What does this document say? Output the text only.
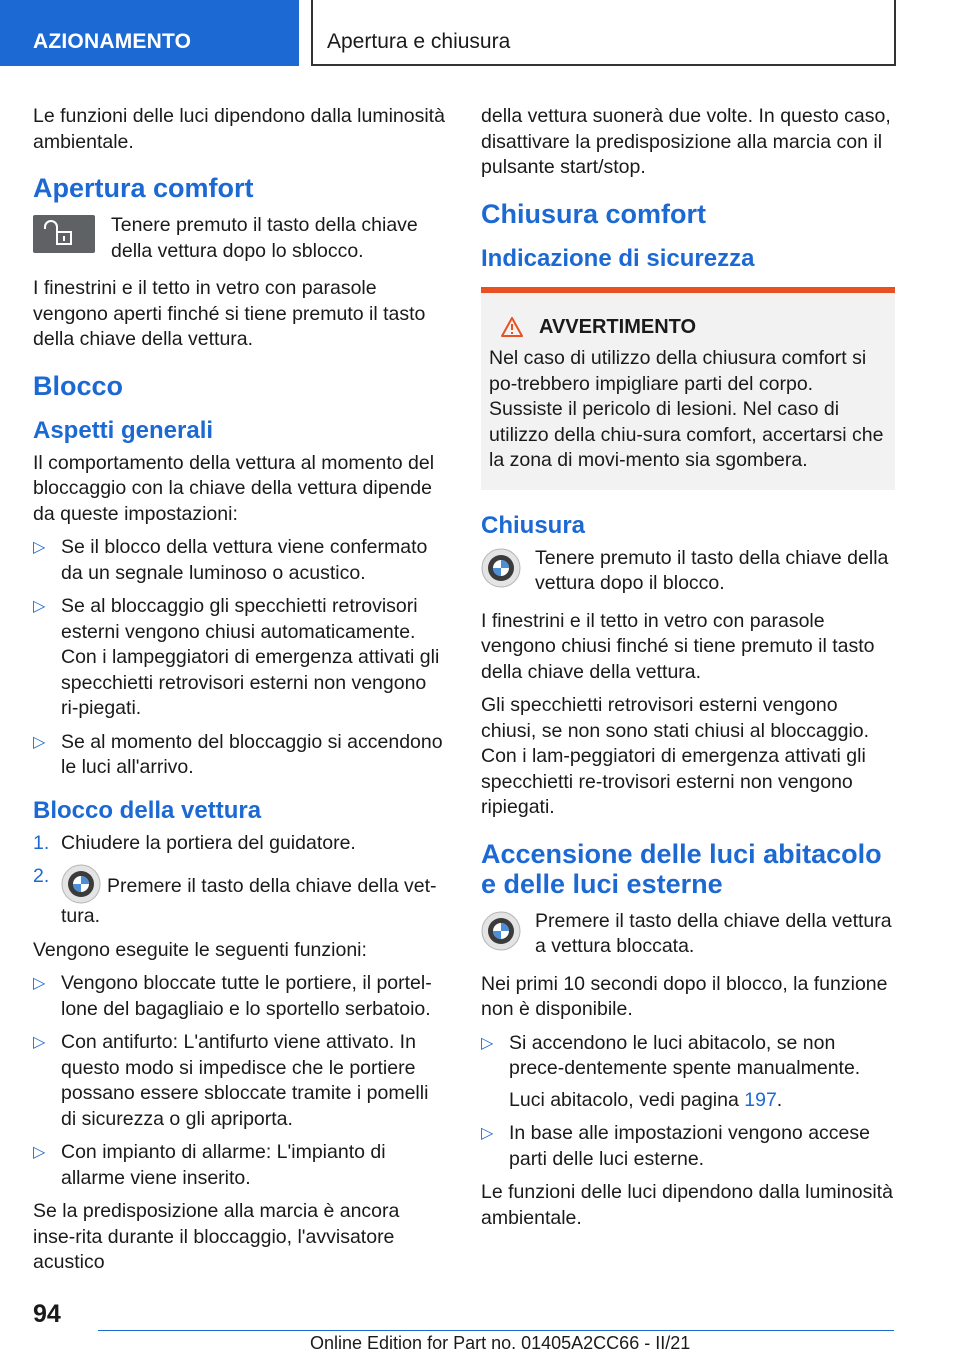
AZIONAMENTO	Apertura e chiusura

Le funzioni delle luci dipendono dalla luminosità ambientale.

Apertura comfort
Tenere premuto il tasto della chiave della vettura dopo lo sblocco.

I finestrini e il tetto in vetro con parasole vengono aperti finché si tiene premuto il tasto della chiave della vettura.

Blocco
Aspetti generali

Il comportamento della vettura al momento del bloccaggio con la chiave della vettura dipende da queste impostazioni:

▷ Se il blocco della vettura viene confermato da un segnale luminoso o acustico.
▷ Se al bloccaggio gli specchietti retrovisori esterni vengono chiusi automaticamente. Con i lampeggiatori di emergenza attivati gli specchietti retrovisori esterni non vengono ri-piegati.
▷ Se al momento del bloccaggio si accendono le luci all'arrivo.
Blocco della vettura
1. Chiudere la portiera del guidatore.
2.	Premere il tasto della chiave della vet-tura.

Vengono eseguite le seguenti funzioni:

▷ Vengono bloccate tutte le portiere, il portel-lone del bagagliaio e lo sportello serbatoio.
▷ Con antifurto: L'antifurto viene attivato. In questo modo si impedisce che le portiere possano essere sbloccate tramite i pomelli di sicurezza o gli apriporta.
▷ Con impianto di allarme: L'impianto di allarme viene inserito.

Se la predisposizione alla marcia è ancora inse-rita durante il bloccaggio, l'avvisatore acustico

della vettura suonerà due volte. In questo caso, disattivare la predisposizione alla marcia con il pulsante start/stop.

Chiusura comfort
Indicazione di sicurezza
AVVERTIMENTO
Nel caso di utilizzo della chiusura comfort si po-trebbero impigliare parti del corpo. Sussiste il pericolo di lesioni. Nel caso di utilizzo della chiu-sura comfort, accertarsi che la zona di movi-mento sia sgombera.
Chiusura
Tenere premuto il tasto della chiave della vettura dopo il blocco.

I finestrini e il tetto in vetro con parasole vengono chiusi finché si tiene premuto il tasto della chiave della vettura.

Gli specchietti retrovisori esterni vengono chiusi, se non sono stati chiusi al bloccaggio. Con i lam-peggiatori di emergenza attivati gli specchietti re-trovisori esterni non vengono ripiegati.

Accensione delle luci abitacolo e delle luci esterne
Premere il tasto della chiave della vettura a vettura bloccata.

Nei primi 10 secondi dopo il blocco, la funzione non è disponibile.

▷ Si accendono le luci abitacolo, se non prece-dentemente spente manualmente.
Luci abitacolo, vedi pagina 197.
▷ In base alle impostazioni vengono accese parti delle luci esterne.

Le funzioni delle luci dipendono dalla luminosità ambientale.

94
Online Edition for Part no. 01405A2CC66 - II/21
